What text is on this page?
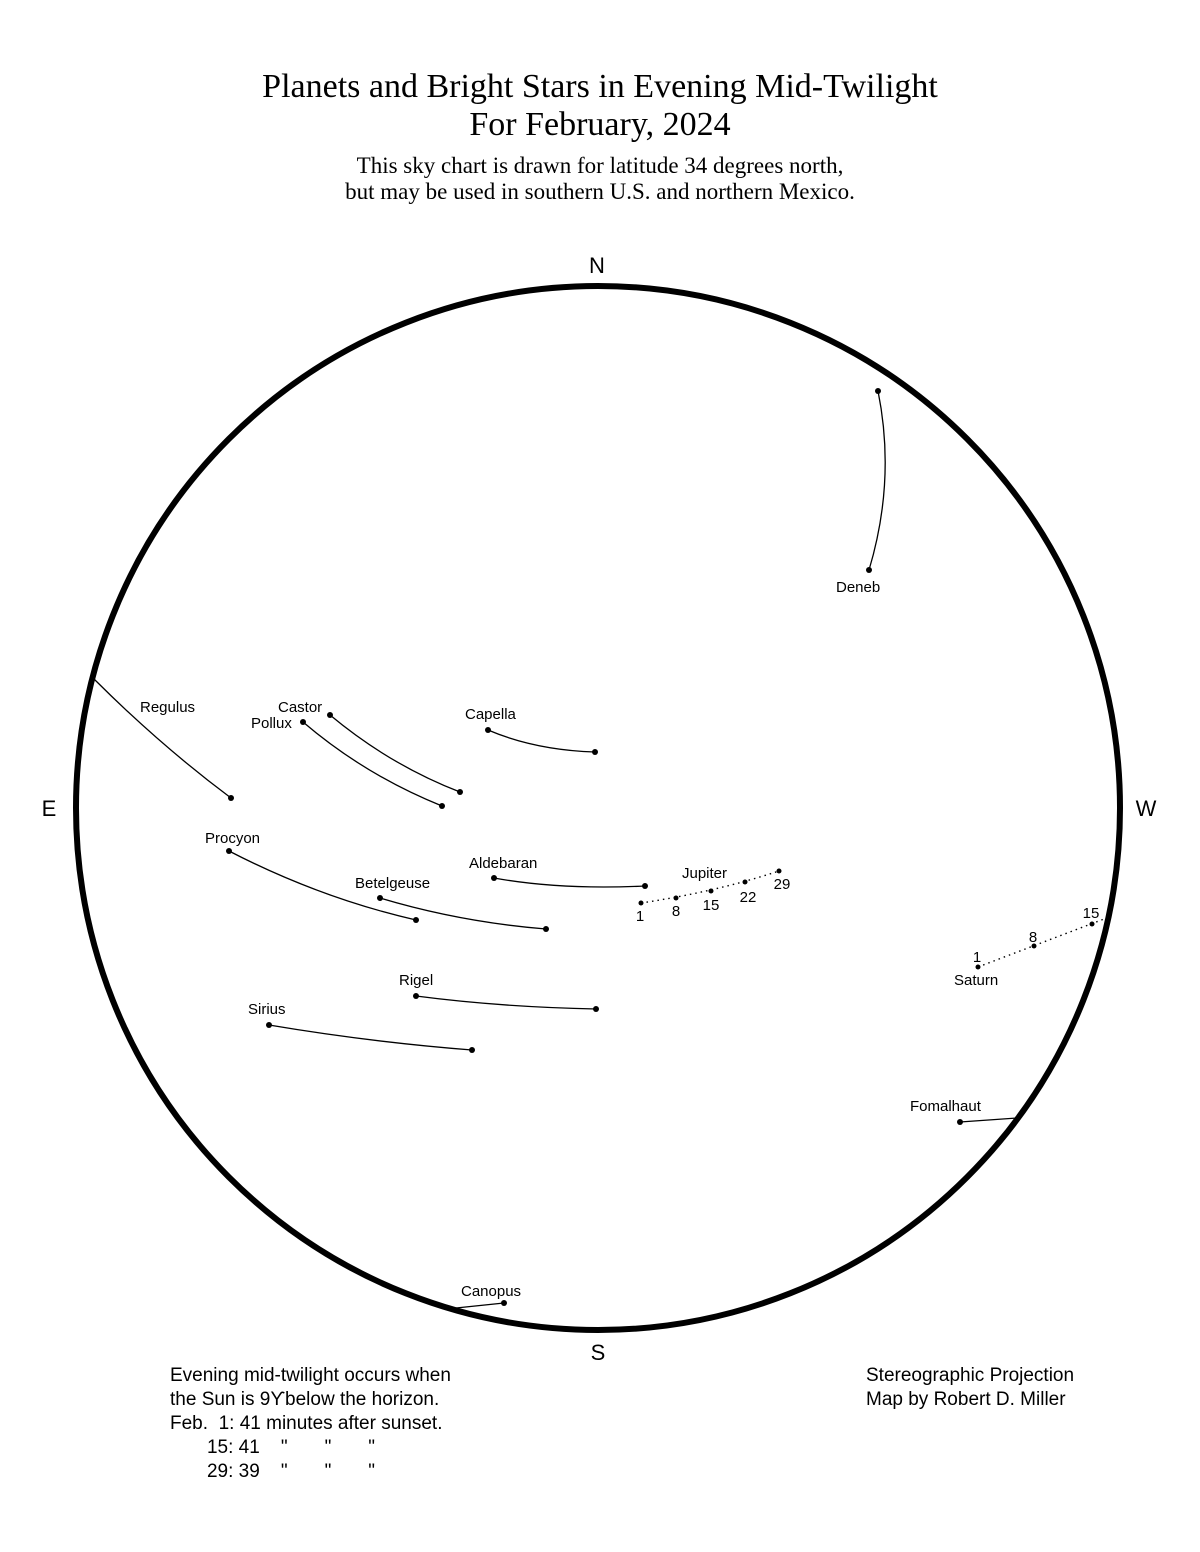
Planets and Bright Stars in Evening Mid-Twilight
For February, 2024
This sky chart is drawn for latitude 34 degrees north,
but may be used in southern U.S. and northern Mexico.
N
S
E	W
Deneb
Regulus	Castor
Pollux
Capella
Procyon
Aldebaran
Betelgeuse
Rigel
Sirius
Fomalhaut
Canopus
Jupiter
1 8 15 22
29
Saturn
1
8
15
Evening mid-twilight occurs when
the Sun is 9ϒbelow the horizon.
Feb.  1: 41 minutes after sunset.
15: 41    "       "       "
29: 39    "       "       "
Stereographic Projection
Map by Robert D. Miller
